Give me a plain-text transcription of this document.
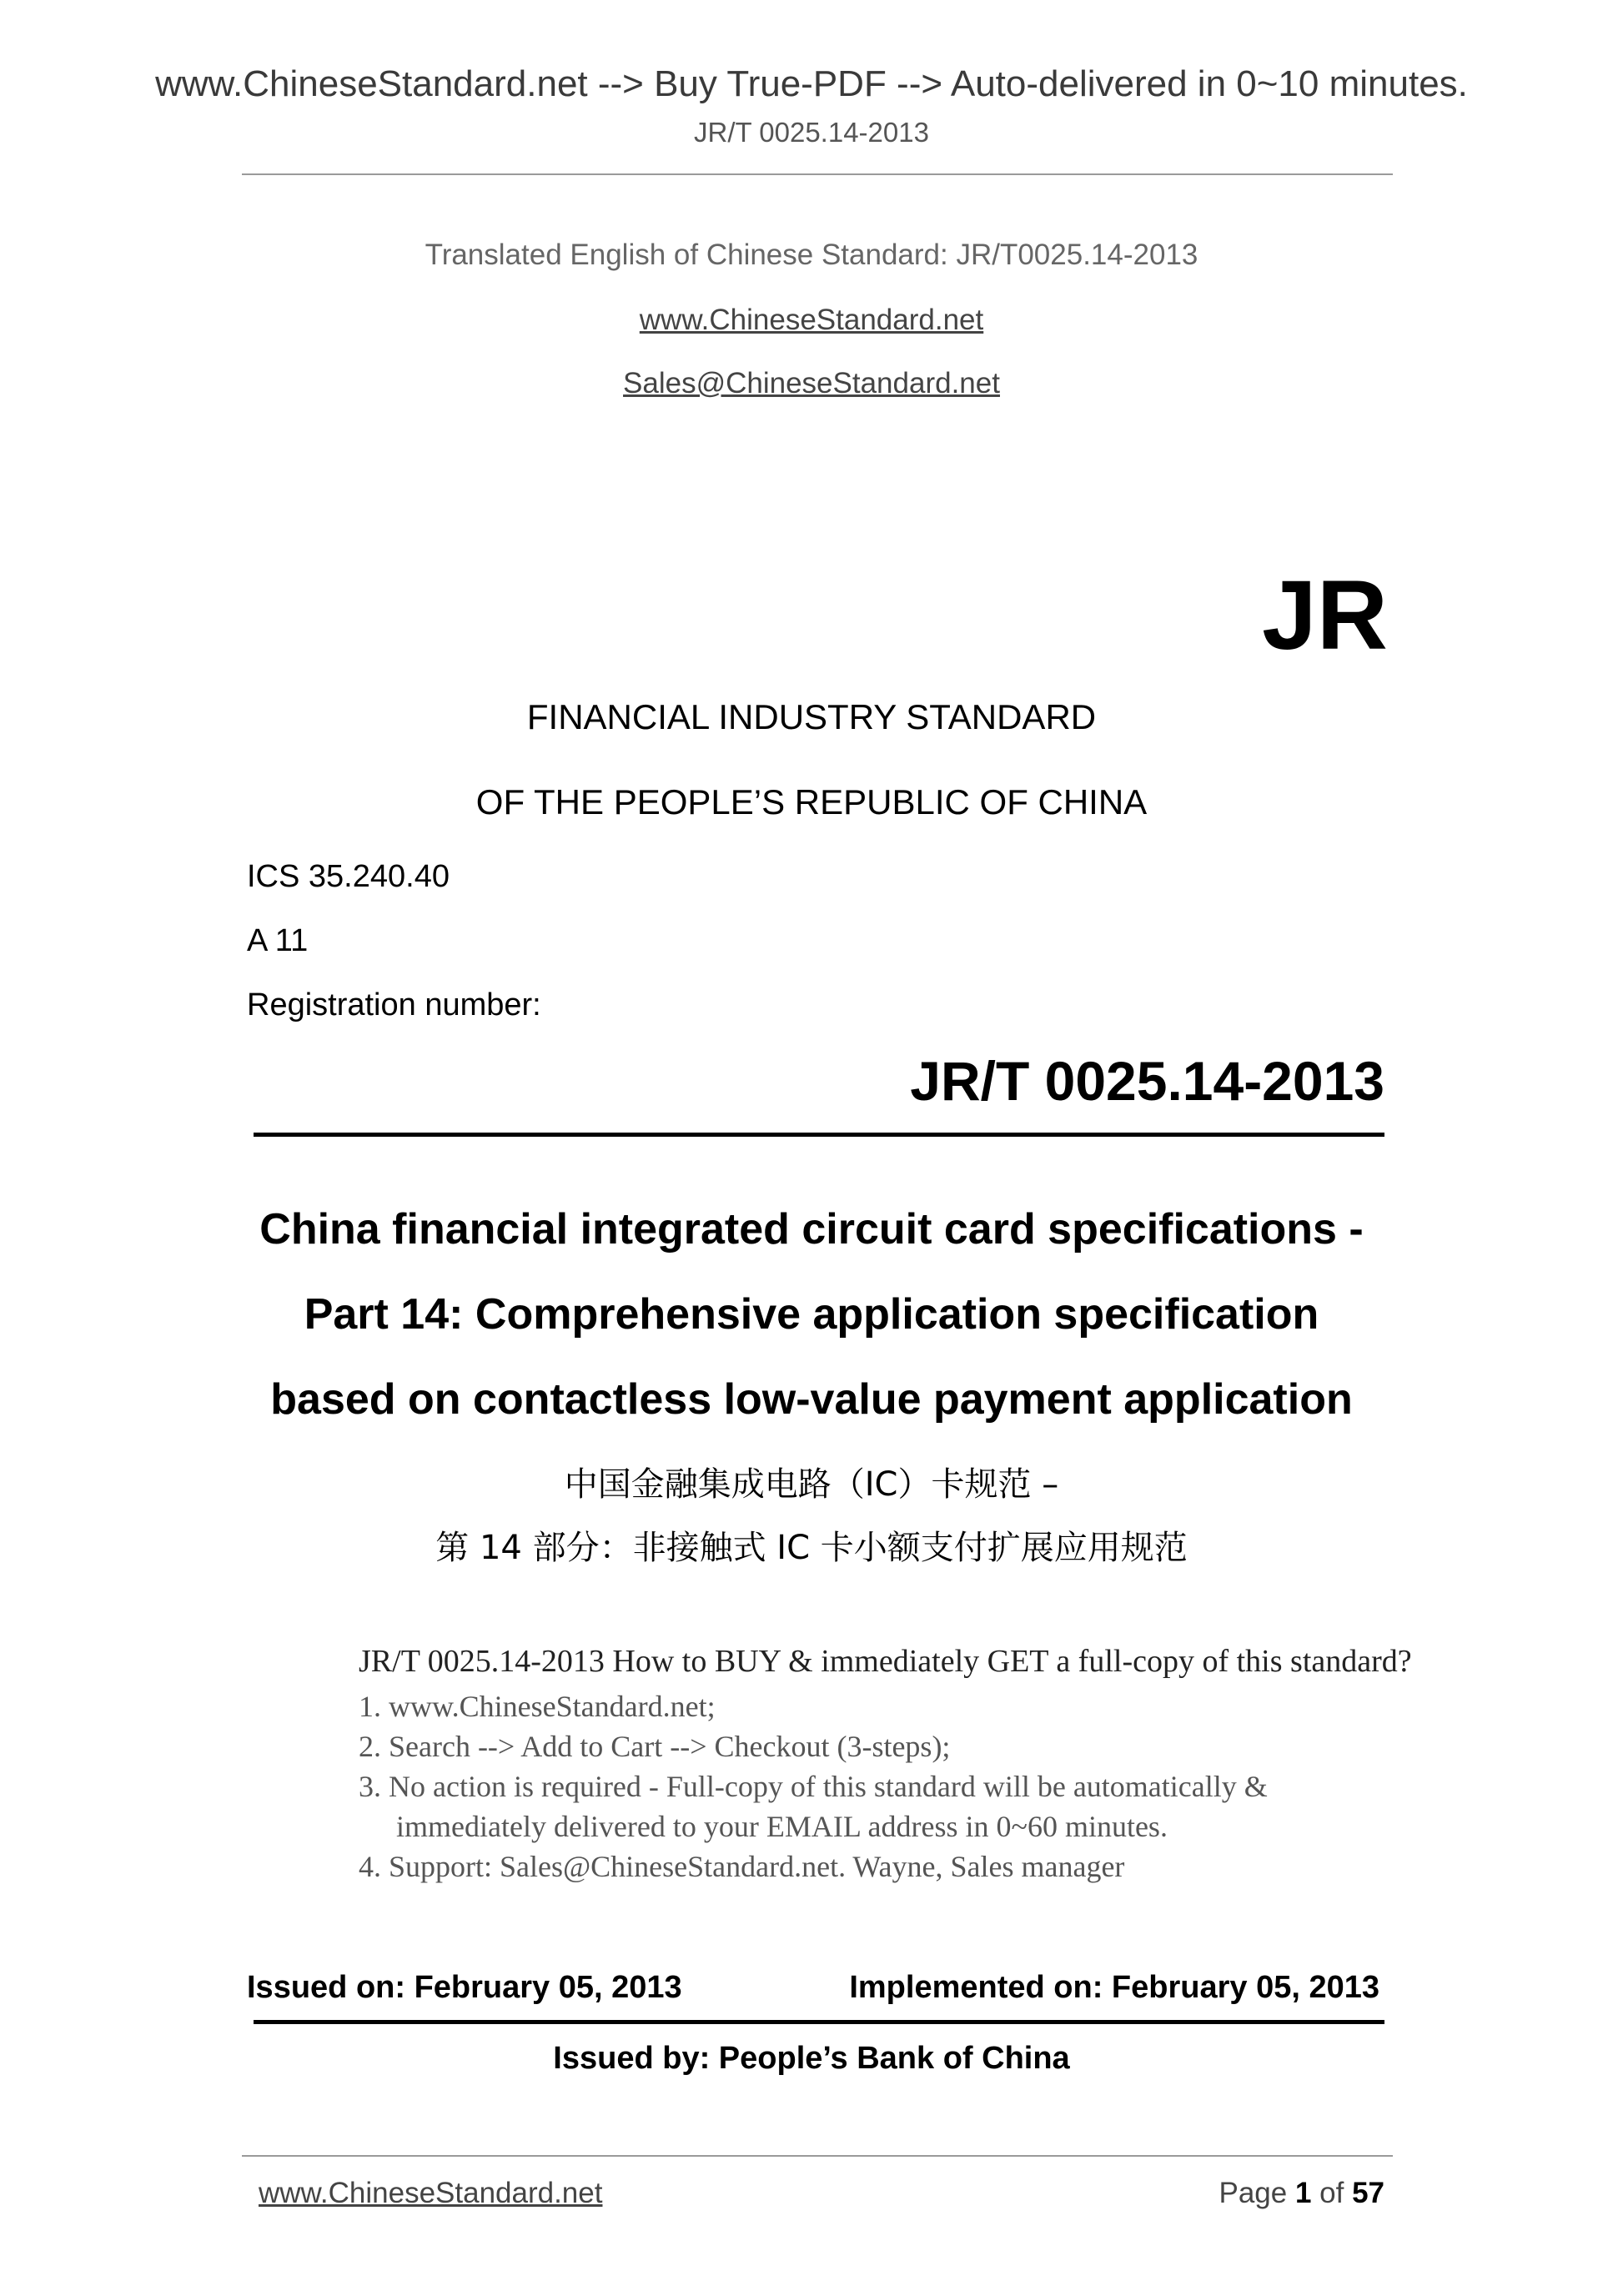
www.ChineseStandard.net --> Buy True-PDF --> Auto-delivered in 0~10 minutes.
JR/T 0025.14-2013
Translated English of Chinese Standard: JR/T0025.14-2013
www.ChineseStandard.net
Sales@ChineseStandard.net
JR
FINANCIAL INDUSTRY STANDARD
OF THE PEOPLE’S REPUBLIC OF CHINA
ICS 35.240.40
A 11
Registration number:
JR/T 0025.14-2013
China financial integrated circuit card specifications -
Part 14: Comprehensive application specification
based on contactless low-value payment application
中国金融集成电路（IC）卡规范 –
第 14 部分：非接触式 IC 卡小额支付扩展应用规范
JR/T 0025.14-2013 How to BUY & immediately GET a full-copy of this standard?
1. www.ChineseStandard.net;
2. Search --> Add to Cart --> Checkout (3-steps);
3. No action is required - Full-copy of this standard will be automatically &
immediately delivered to your EMAIL address in 0~60 minutes.
4. Support: Sales@ChineseStandard.net. Wayne, Sales manager
Issued on: February 05, 2013	Implemented on: February 05, 2013
Issued by: People’s Bank of China
www.ChineseStandard.net	Page 1 of 57
